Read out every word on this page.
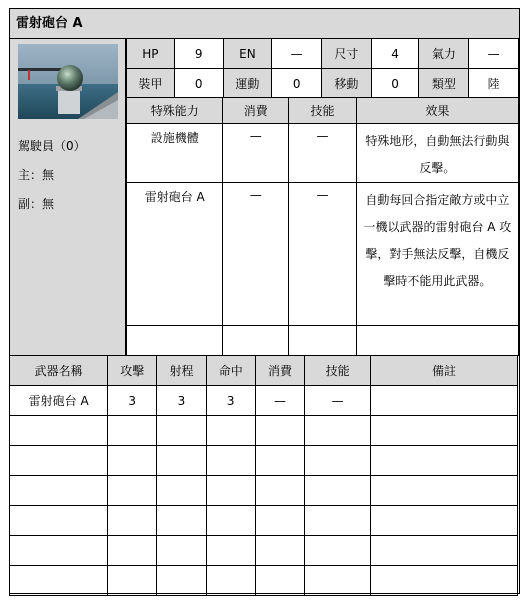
雷射砲台 A
駕駛員（0）
主：無
副：無
HP	9	EN	—	尺寸	4	氣力	—
裝甲	0	運動	0	移動	0	類型	陸
特殊能力	消費	技能	效果
設施機體	—	—	特殊地形，自動無法行動與反擊。
雷射砲台 A	—	—	自動每回合指定敵方或中立一機以武器的雷射砲台 A 攻擊，對手無法反擊，自機反擊時不能用此武器。

武器名稱	攻擊	射程	命中	消費	技能	備註
雷射砲台 A	3	3	3	—	—	
